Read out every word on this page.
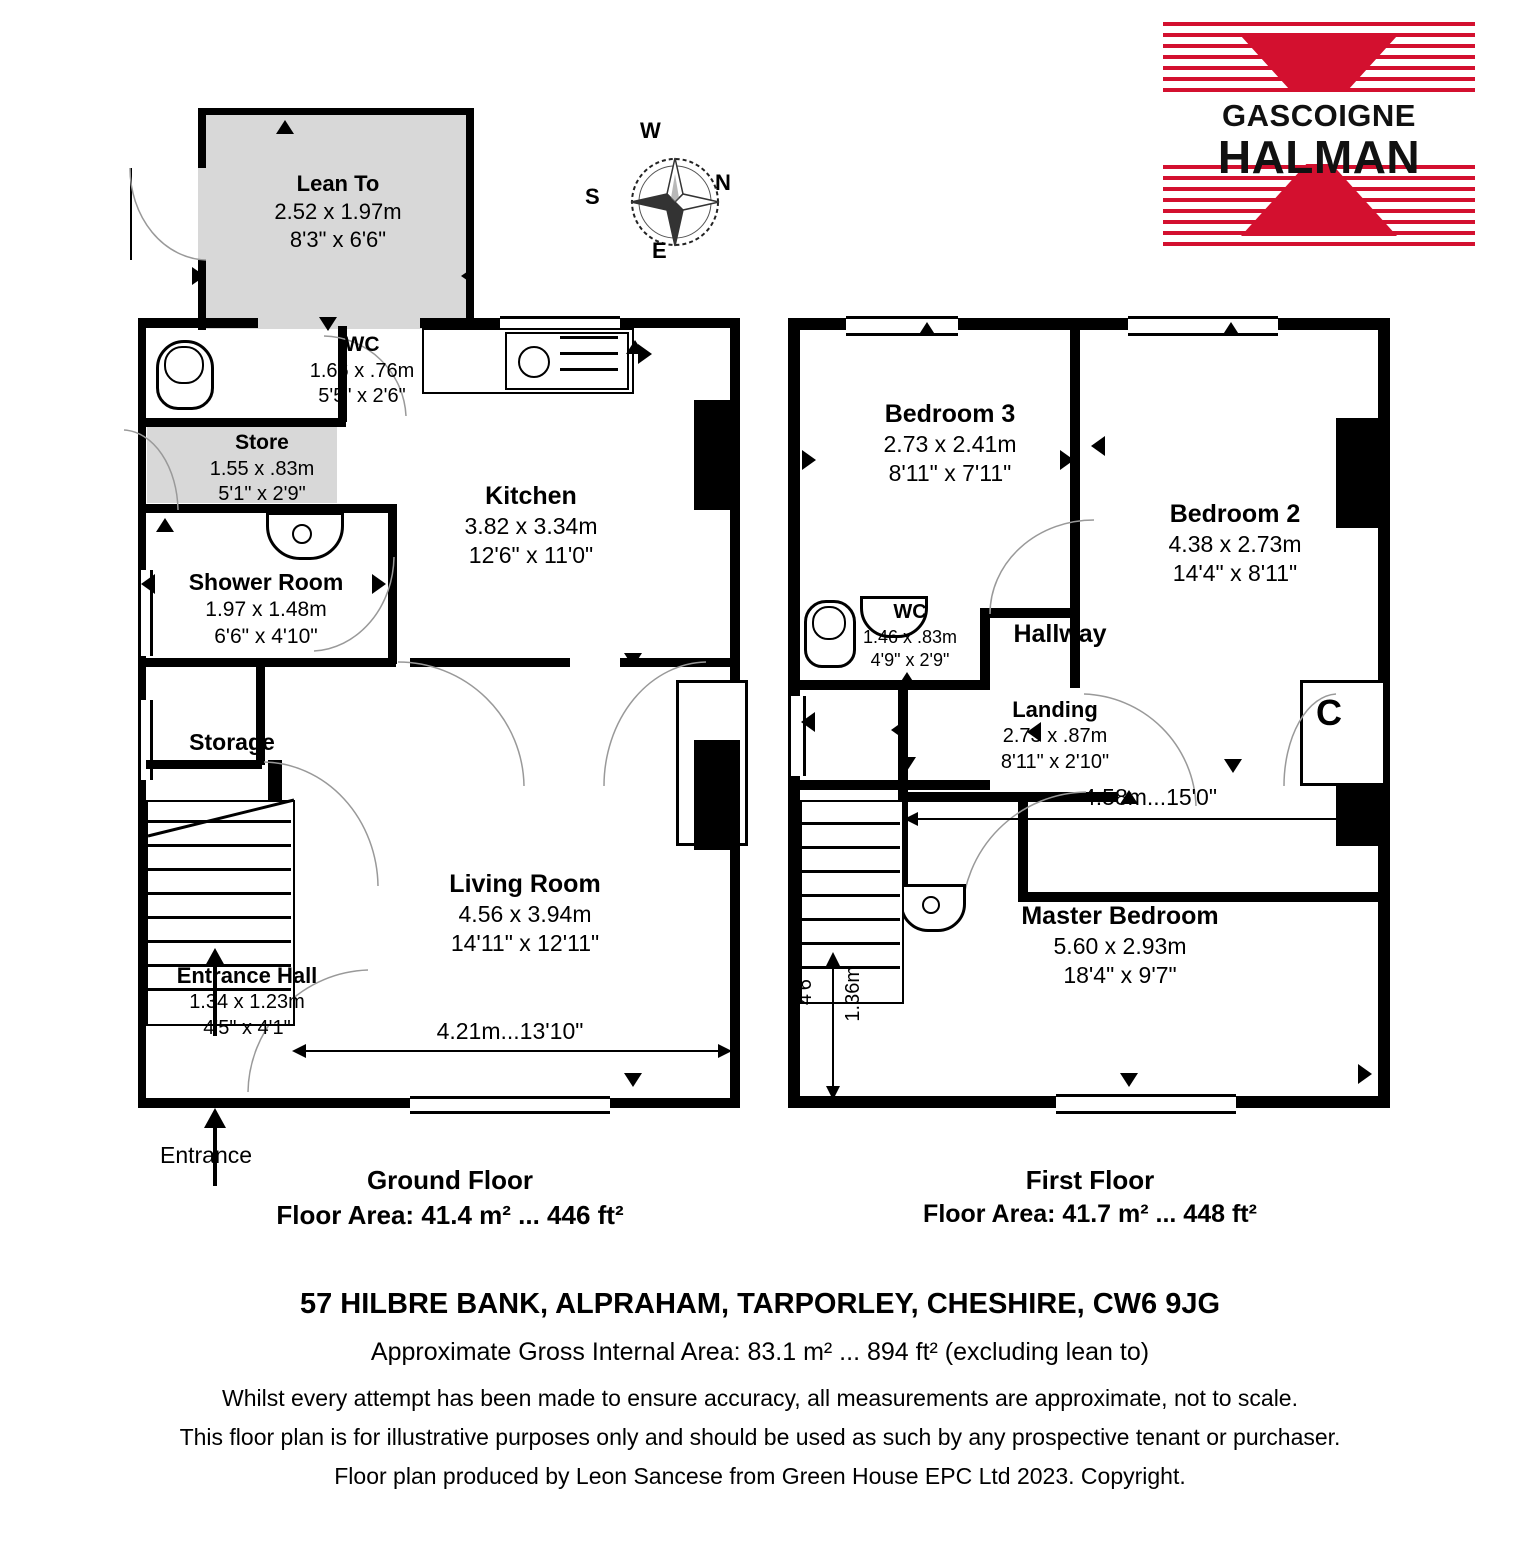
GASCOIGNE
HALMAN
W
N
S
E
Lean To
2.52 x 1.97m
8'3" x 6'6"
WC
1.66 x .76m
5'5" x 2'6"
Store
1.55 x .83m
5'1" x 2'9"	Kitchen
3.82 x 3.34m
12'6" x 11'0"
Shower Room
1.97 x 1.48m
6'6" x 4'10"
Storage
Living Room
4.56 x 3.94m
14'11" x 12'11"
Entrance Hall
1.34 x 1.23m
4'5" x 4'1"	4.21m...13'10"
Entrance
Ground Floor
Floor Area: 41.4 m² ... 446 ft²
C
Bedroom 3
2.73 x 2.41m
8'11" x 7'11"
Bedroom 2
4.38 x 2.73m
14'4" x 8'11"
WC
1.46 x .83m
4'9" x 2'9"
Hallway
Landing
2.73 x .87m
8'11" x 2'10"
Master Bedroom
5.60 x 2.93m
18'4" x 9'7"
4.58m...15'0"
1.36m
4'6"
First Floor
Floor Area: 41.7 m² ... 448 ft²
57 HILBRE BANK, ALPRAHAM, TARPORLEY, CHESHIRE, CW6 9JG
Approximate Gross Internal Area: 83.1 m² ... 894 ft² (excluding lean to)
Whilst every attempt has been made to ensure accuracy, all measurements are approximate, not to scale.
This floor plan is for illustrative purposes only and should be used as such by any prospective tenant or purchaser.
Floor plan produced by Leon Sancese from Green House EPC Ltd 2023. Copyright.
